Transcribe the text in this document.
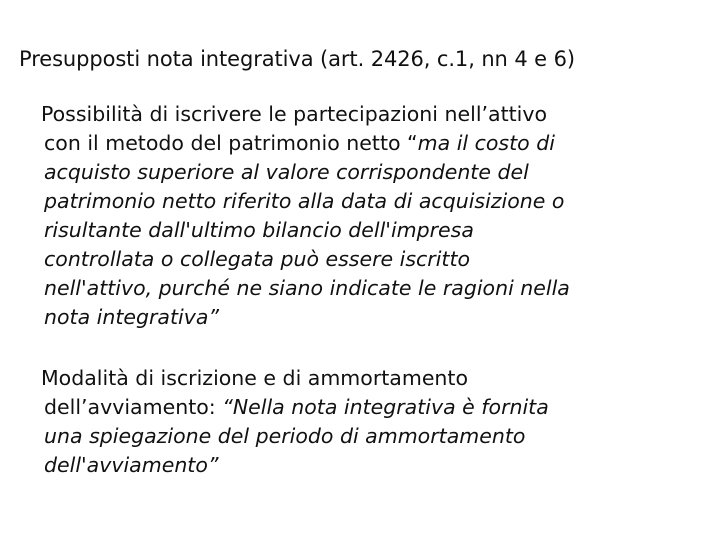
Presupposti nota integrativa (art. 2426, c.1, nn 4 e 6)
Possibilità di iscrivere le partecipazioni nell’attivo
con il metodo del patrimonio netto “ma il costo di
acquisto superiore al valore corrispondente del
patrimonio netto riferito alla data di acquisizione o
risultante dall'ultimo bilancio dell'impresa
controllata o collegata può essere iscritto
nell'attivo, purché ne siano indicate le ragioni nella
nota integrativa”
Modalità di iscrizione e di ammortamento
dell’avviamento: “Nella nota integrativa è fornita
una spiegazione del periodo di ammortamento
dell'avviamento”
